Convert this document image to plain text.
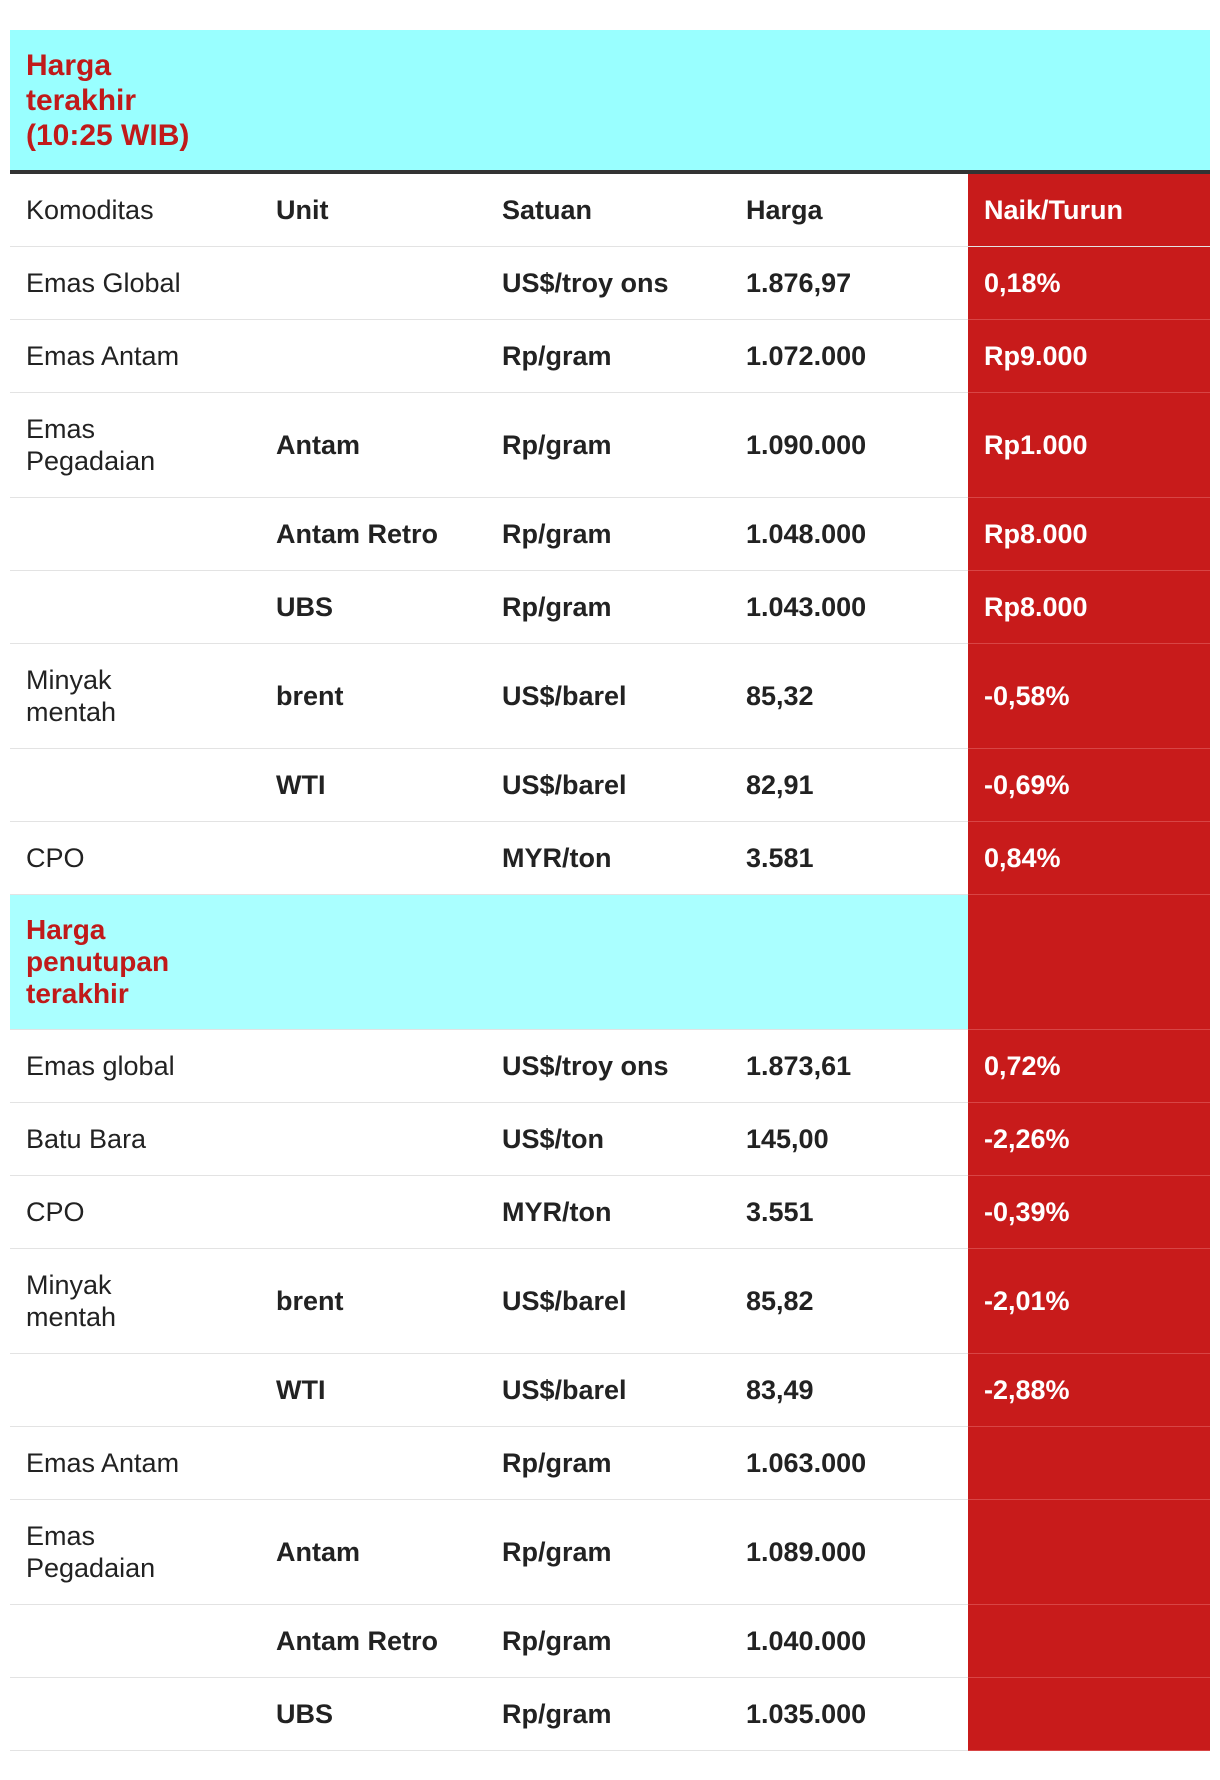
Harga terakhir (10:25 WIB)				

Komoditas	Unit	Satuan	Harga	Naik/Turun
Emas Global		US$/troy ons	1.876,97	0,18%
Emas Antam		Rp/gram	1.072.000	Rp9.000

Emas Pegadaian	Antam	Rp/gram	1.090.000	Rp1.000
	Antam Retro	Rp/gram	1.048.000	Rp8.000
	UBS	Rp/gram	1.043.000	Rp8.000

Minyak mentah	brent	US$/barel	85,32	-0,58%
	WTI	US$/barel	82,91	-0,69%
CPO		MYR/ton	3.581	0,84%

Harga penutupan terakhir				

Emas global		US$/troy ons	1.873,61	0,72%
Batu Bara		US$/ton	145,00	-2,26%
CPO		MYR/ton	3.551	-0,39%

Minyak mentah	brent	US$/barel	85,82	-2,01%
	WTI	US$/barel	83,49	-2,88%
Emas Antam		Rp/gram	1.063.000	

Emas Pegadaian	Antam	Rp/gram	1.089.000	
	Antam Retro	Rp/gram	1.040.000	
	UBS	Rp/gram	1.035.000	
